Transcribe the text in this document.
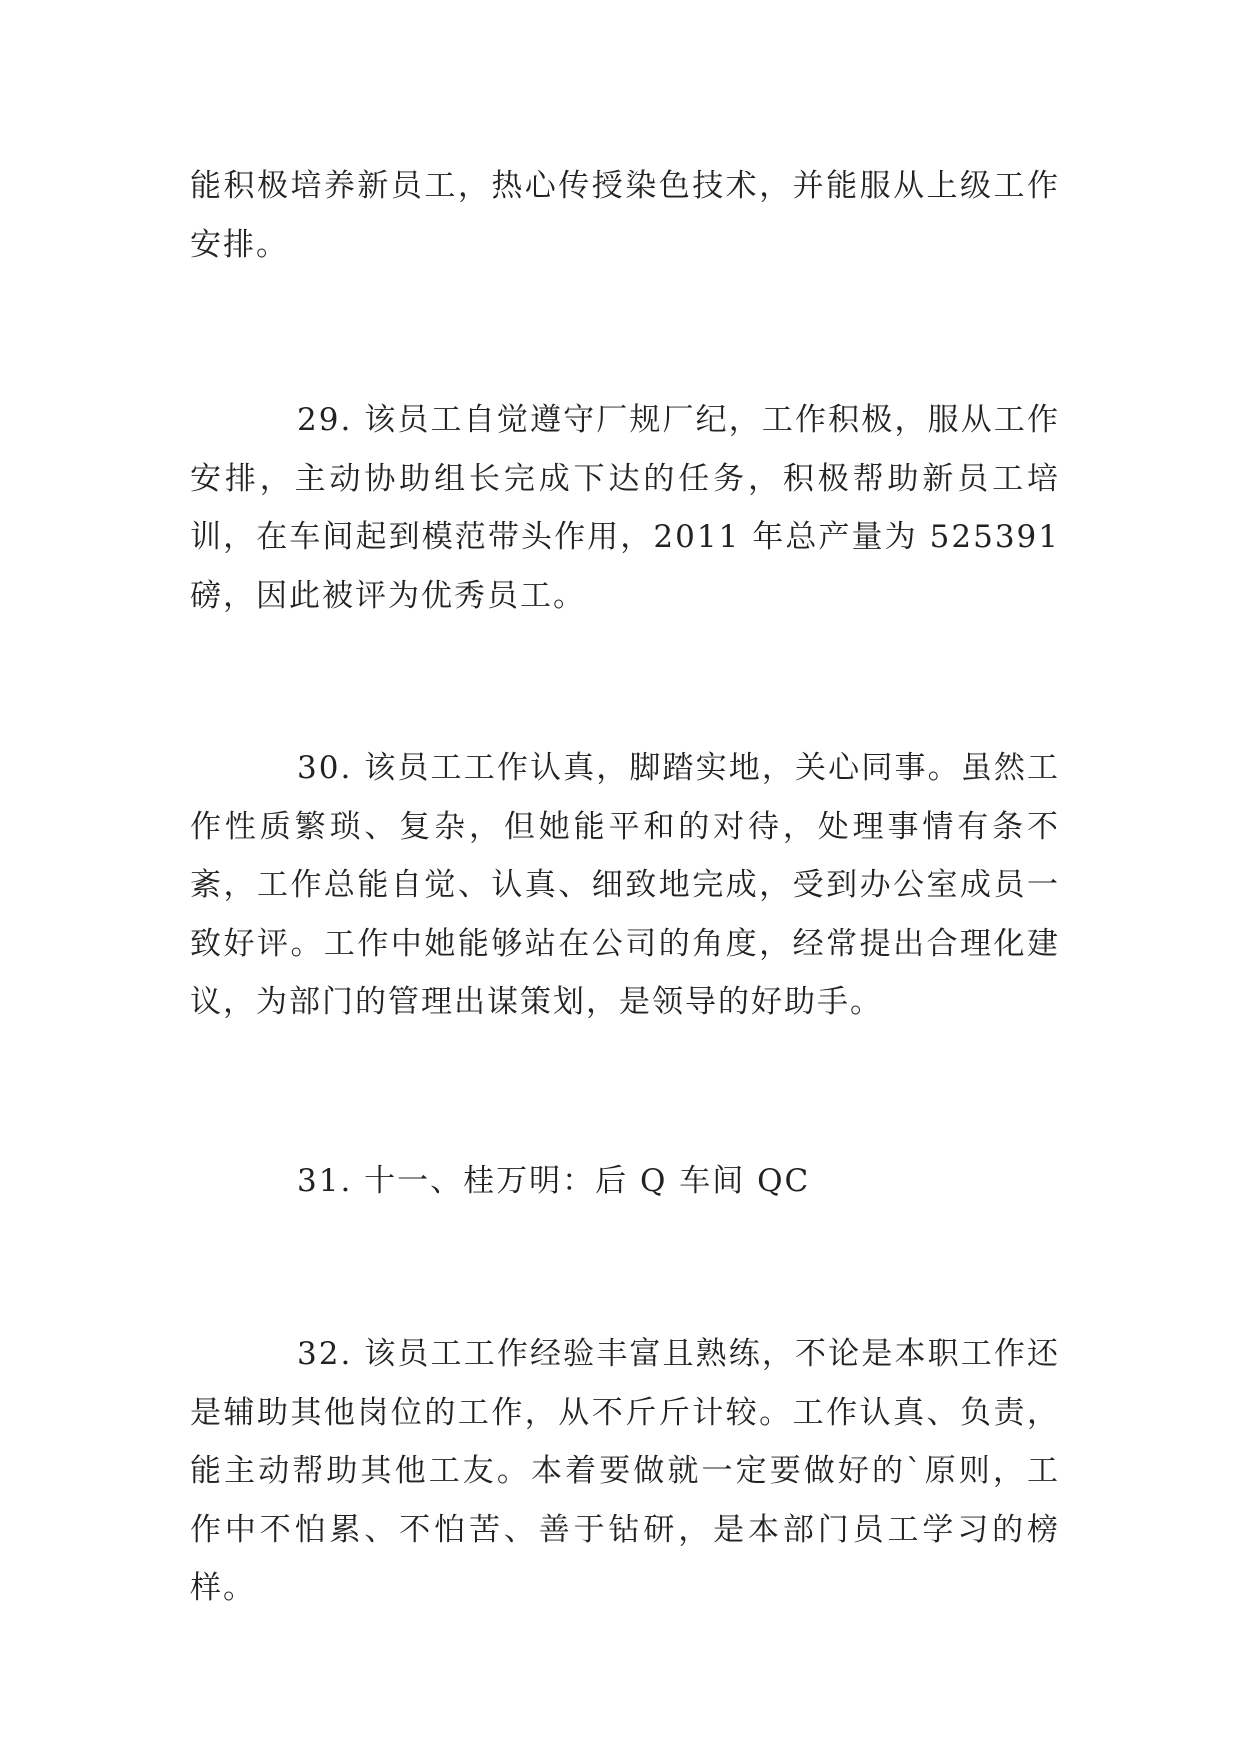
能积极培养新员工，热心传授染色技术，并能服从上级工作安排。

29. 该员工自觉遵守厂规厂纪，工作积极，服从工作安排，主动协助组长完成下达的任务，积极帮助新员工培训，在车间起到模范带头作用，2011 年总产量为 525391 磅，因此被评为优秀员工。

30. 该员工工作认真，脚踏实地，关心同事。虽然工作性质繁琐、复杂，但她能平和的对待，处理事情有条不紊，工作总能自觉、认真、细致地完成，受到办公室成员一致好评。工作中她能够站在公司的角度，经常提出合理化建议，为部门的管理出谋策划，是领导的好助手。

31. 十一、桂万明：后 Q 车间 QC

32. 该员工工作经验丰富且熟练，不论是本职工作还是辅助其他岗位的工作，从不斤斤计较。工作认真、负责，能主动帮助其他工友。本着要做就一定要做好的`原则，工作中不怕累、不怕苦、善于钻研，是本部门员工学习的榜样。
